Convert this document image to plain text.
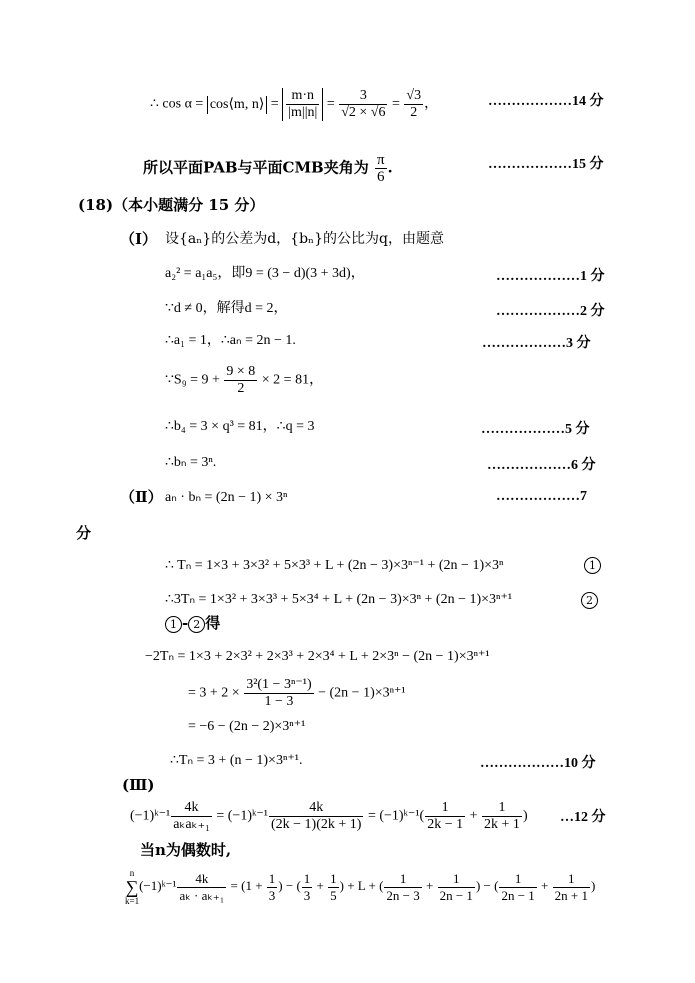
∴ cos α = cos⟨m, n⟩ = $\frac{m\cdot n}{|m||n|} = \frac{3}{√2 \times √6} = \frac{√3}{2}$ ，	………………14 分
所以平面PAB与平面CMB夹角为 $\frac{\pi}{6}$ .	………………15 分
(18)（本小题满分 15 分）
（Ⅰ） 设{aₙ}的公差为d，{bₙ}的公比为q，由题意
a₂² = a₁a₅，即9 = (3 − d)(3 + 3d)，	………………1 分
∵d ≠ 0，解得d = 2，	………………2 分
∴a₁ = 1，∴aₙ = 2n − 1.	………………3 分
∵S₉ = $9 + \frac{9 \times 8}{2} \times 2 = 81$，
∴b₄ = 3 × q³ = 81，∴q = 3	………………5 分
∴bₙ = 3ⁿ.	………………6 分
（Ⅱ） aₙ · bₙ = (2n − 1) × 3ⁿ	………………7
分
∴ Tₙ = 1×3 + 3×3² + 5×3³ + L + (2n − 3)×3ⁿ⁻¹ + (2n − 1)×3ⁿ	1
∴3Tₙ = 1×3² + 3×3³ + 5×3⁴ + L + (2n − 3)×3ⁿ + (2n − 1)×3ⁿ⁺¹	2
1 - 2 得
−2Tₙ = 1×3 + 2×3² + 2×3³ + 2×3⁴ + L + 2×3ⁿ − (2n − 1)×3ⁿ⁺¹
= $3 + 2 \times \frac{\text{3²(1 − 3ⁿ⁻¹)}}{1 - 3} - (2n - 1)\times 3^{n+1}$
= −6 − (2n − 2)×3ⁿ⁺¹
∴Tₙ = 3 + (n − 1)×3ⁿ⁺¹.	………………10 分
(Ⅲ)
(−1)ᵏ⁻¹ $\frac{4k}{\text{aₖaₖ₊₁}}$ = (−1)ᵏ⁻¹ $\frac{4k}{(2k - 1)(2k + 1)}$ = (−1)ᵏ⁻¹( $\frac{1}{2k - 1} + \frac{1}{2k + 1}$ ) …12 分
当n为偶数时,
n
∑
k=1(−1)ᵏ⁻¹ $\frac{4k}{\text{aₖ · aₖ₊₁}} = (1 + \frac{1}{3}$ ) − ( $\frac{1}{3} + \frac{1}{5}$ ) + L + ( $\frac{1}{2n - 3} + \frac{1}{2n - 1}$ ) − ( $\frac{1}{2n - 1} + \frac{1}{2n + 1}$ )
